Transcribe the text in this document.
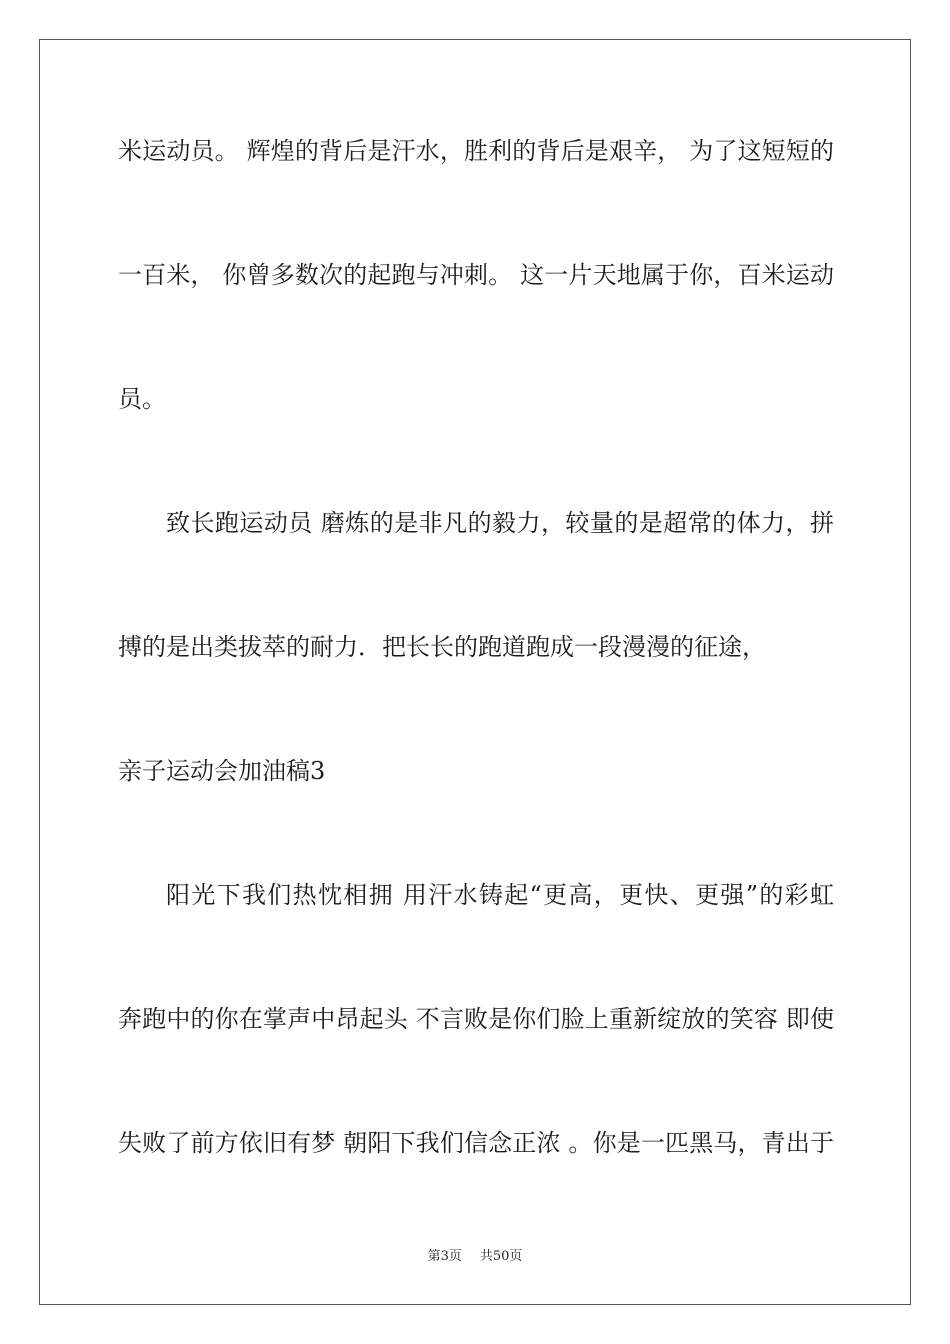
米运动员。 辉煌的背后是汗水，胜利的背后是艰辛， 为了这短短的
一百米， 你曾多数次的起跑与冲刺。 这一片天地属于你，百米运动
员。
致长跑运动员 磨炼的是非凡的毅力，较量的是超常的体力，拼
搏的是出类拔萃的耐力．把长长的跑道跑成一段漫漫的征途，
亲子运动会加油稿3
阳光下我们热忱相拥 用汗水铸起“更高，更快、更强”的彩虹
奔跑中的你在掌声中昂起头 不言败是你们脸上重新绽放的笑容 即使
失败了前方依旧有梦 朝阳下我们信念正浓 。你是一匹黑马，青出于
第3页 共50页
